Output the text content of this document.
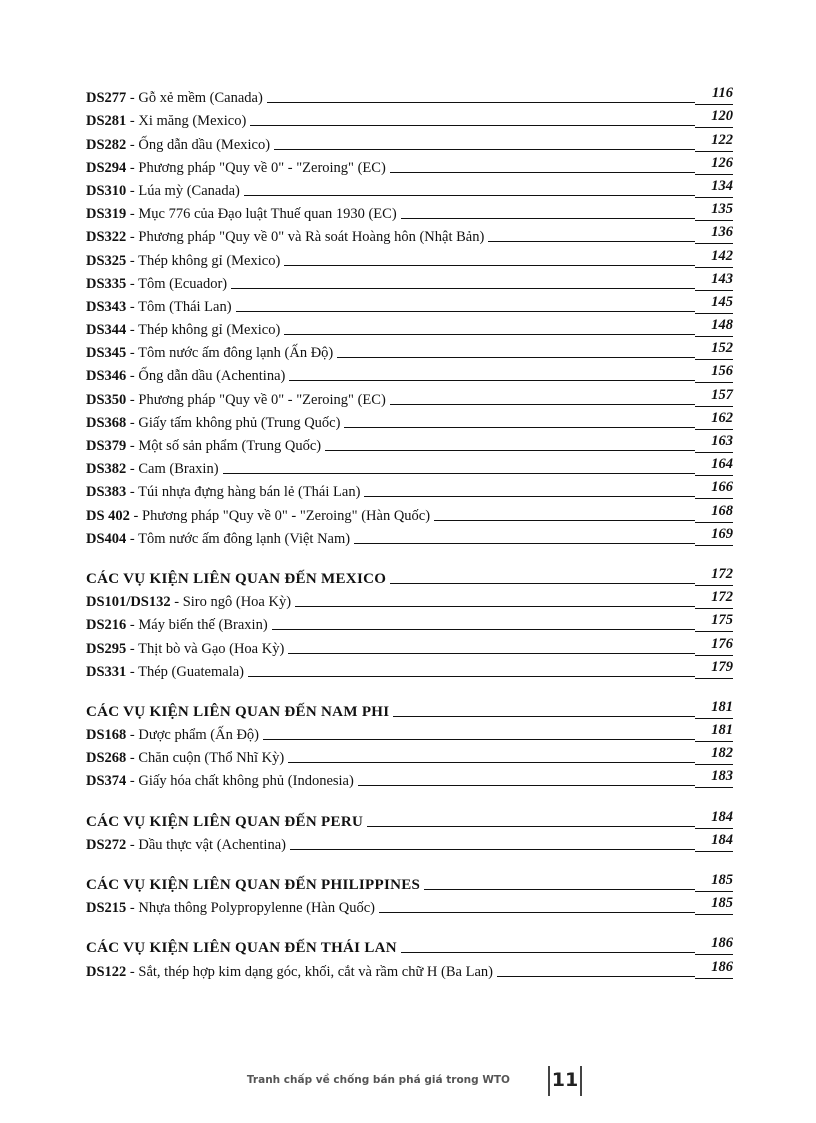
DS277 - Gỗ xẻ mềm (Canada)	116
DS281 - Xi măng (Mexico)	120
DS282 - Ống dẫn dầu (Mexico)	122
DS294 - Phương pháp "Quy về 0" - "Zeroing" (EC)	126
DS310 - Lúa mỳ (Canada)	134
DS319 - Mục 776 của Đạo luật Thuế quan 1930 (EC)	135
DS322 - Phương pháp "Quy về 0" và Rà soát Hoàng hôn (Nhật Bản)	136
DS325 - Thép không gỉ (Mexico)	142
DS335 - Tôm (Ecuador)	143
DS343 - Tôm (Thái Lan)	145
DS344 - Thép không gỉ (Mexico)	148
DS345 - Tôm nước ấm đông lạnh (Ấn Độ)	152
DS346 - Ống dẫn dầu (Achentina)	156
DS350 - Phương pháp "Quy về 0" - "Zeroing" (EC)	157
DS368 - Giấy tấm không phủ (Trung Quốc)	162
DS379 - Một số sản phẩm (Trung Quốc)	163
DS382 - Cam (Braxin)	164
DS383 - Túi nhựa đựng hàng bán lẻ (Thái Lan)	166
DS 402 - Phương pháp "Quy về 0" - "Zeroing" (Hàn Quốc)	168
DS404 - Tôm nước ấm đông lạnh (Việt Nam)	169
CÁC VỤ KIỆN LIÊN QUAN ĐẾN MEXICO	172
DS101/DS132 - Siro ngô (Hoa Kỳ)	172
DS216 - Máy biến thế (Braxin)	175
DS295 - Thịt bò và Gạo (Hoa Kỳ)	176
DS331 - Thép (Guatemala)	179
CÁC VỤ KIỆN LIÊN QUAN ĐẾN NAM PHI	181
DS168 - Dược phẩm (Ấn Độ)	181
DS268 - Chăn cuộn (Thổ Nhĩ Kỳ)	182
DS374 - Giấy hóa chất không phủ (Indonesia)	183
CÁC VỤ KIỆN LIÊN QUAN ĐẾN PERU	184
DS272 - Dầu thực vật (Achentina)	184
CÁC VỤ KIỆN LIÊN QUAN ĐẾN PHILIPPINES	185
DS215 - Nhựa thông Polypropylenne (Hàn Quốc)	185
CÁC VỤ KIỆN LIÊN QUAN ĐẾN THÁI LAN	186
DS122 - Sắt, thép hợp kim dạng góc, khối, cắt và rầm chữ H (Ba Lan)	186
Tranh chấp về chống bán phá giá trong WTO 11
